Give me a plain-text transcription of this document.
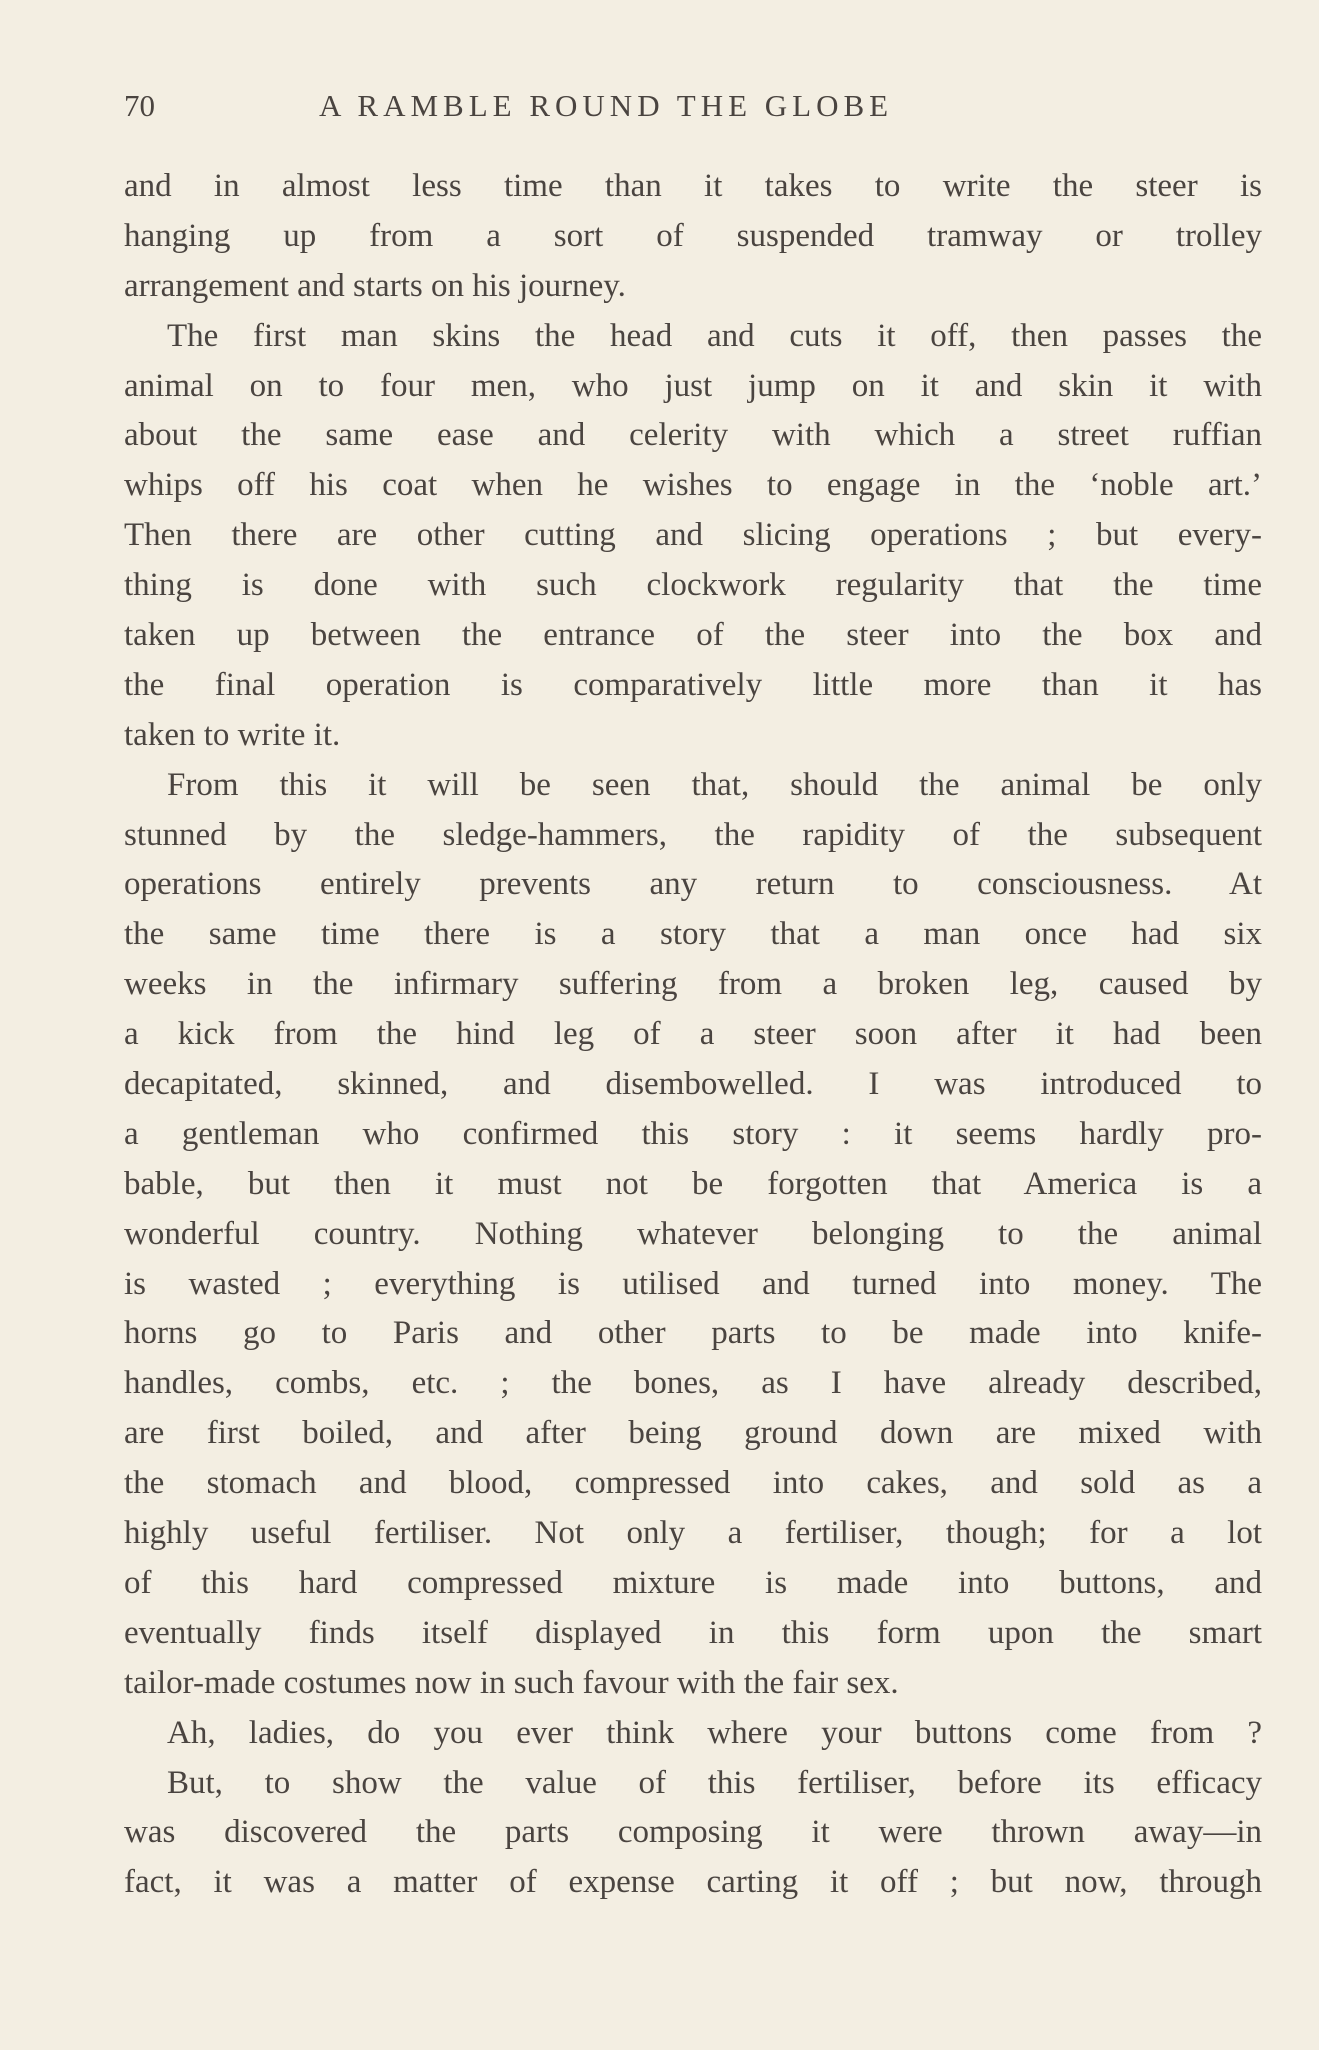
70	A RAMBLE ROUND THE GLOBE
and in almost less time than it takes to write the steer is
hanging up from a sort of suspended tramway or trolley
arrangement and starts on his journey.
The first man skins the head and cuts it off, then passes the
animal on to four men, who just jump on it and skin it with
about the same ease and celerity with which a street ruffian
whips off his coat when he wishes to engage in the ‘noble art.’
Then there are other cutting and slicing operations ; but every-
thing is done with such clockwork regularity that the time
taken up between the entrance of the steer into the box and
the final operation is comparatively little more than it has
taken to write it.
From this it will be seen that, should the animal be only
stunned by the sledge-hammers, the rapidity of the subsequent
operations entirely prevents any return to consciousness. At
the same time there is a story that a man once had six
weeks in the infirmary suffering from a broken leg, caused by
a kick from the hind leg of a steer soon after it had been
decapitated, skinned, and disembowelled. I was introduced to
a gentleman who confirmed this story : it seems hardly pro-
bable, but then it must not be forgotten that America is a
wonderful country. Nothing whatever belonging to the animal
is wasted ; everything is utilised and turned into money. The
horns go to Paris and other parts to be made into knife-
handles, combs, etc. ; the bones, as I have already described,
are first boiled, and after being ground down are mixed with
the stomach and blood, compressed into cakes, and sold as a
highly useful fertiliser. Not only a fertiliser, though; for a lot
of this hard compressed mixture is made into buttons, and
eventually finds itself displayed in this form upon the smart
tailor-made costumes now in such favour with the fair sex.
Ah, ladies, do you ever think where your buttons come from ?
But, to show the value of this fertiliser, before its efficacy
was discovered the parts composing it were thrown away—in
fact, it was a matter of expense carting it off ; but now, through
